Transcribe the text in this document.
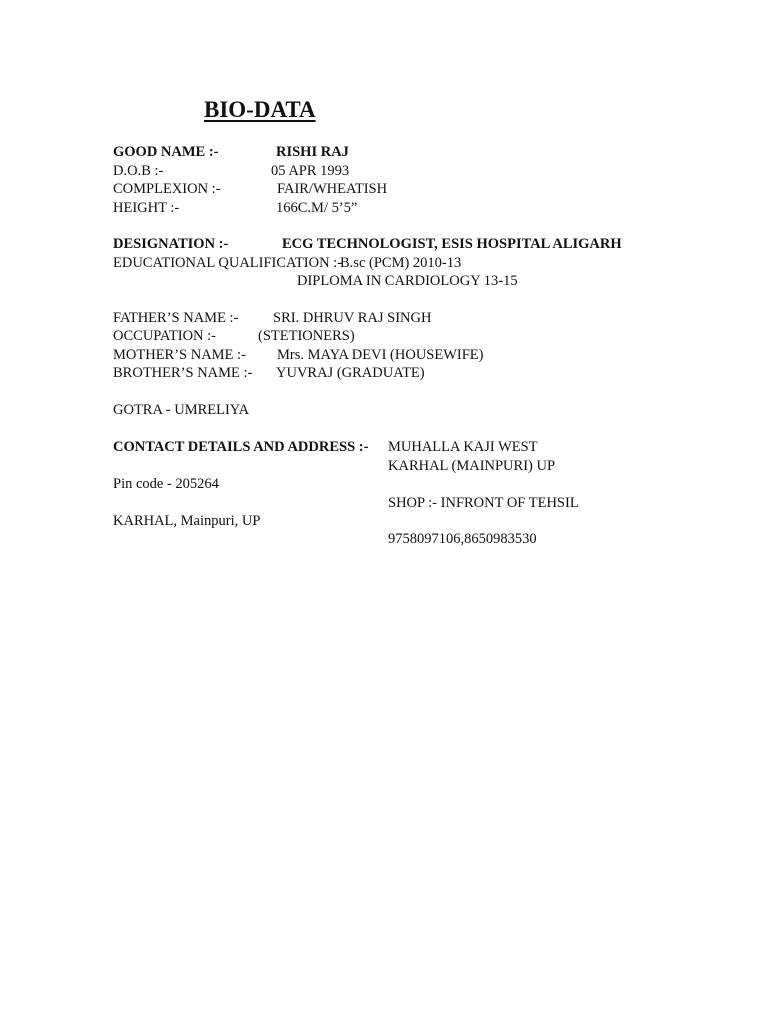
BIO-DATA
GOOD NAME :-	RISHI RAJ
D.O.B :-	05 APR 1993
COMPLEXION :-	FAIR/WHEATISH
HEIGHT :-	166C.M/ 5’5”
DESIGNATION :-	ECG TECHNOLOGIST, ESIS HOSPITAL ALIGARH
EDUCATIONAL QUALIFICATION :-
B.sc (PCM) 2010-13
DIPLOMA IN CARDIOLOGY 13-15
FATHER’S NAME :- SRI. DHRUV RAJ SINGH
OCCUPATION :-	(STETIONERS)
MOTHER’S NAME :- Mrs. MAYA DEVI (HOUSEWIFE)
BROTHER’S NAME :- YUVRAJ (GRADUATE)
GOTRA - UMRELIYA
CONTACT DETAILS AND ADDRESS :- MUHALLA KAJI WEST
KARHAL (MAINPURI) UP
Pin code - 205264
SHOP :- INFRONT OF TEHSIL
KARHAL, Mainpuri, UP
9758097106,8650983530
